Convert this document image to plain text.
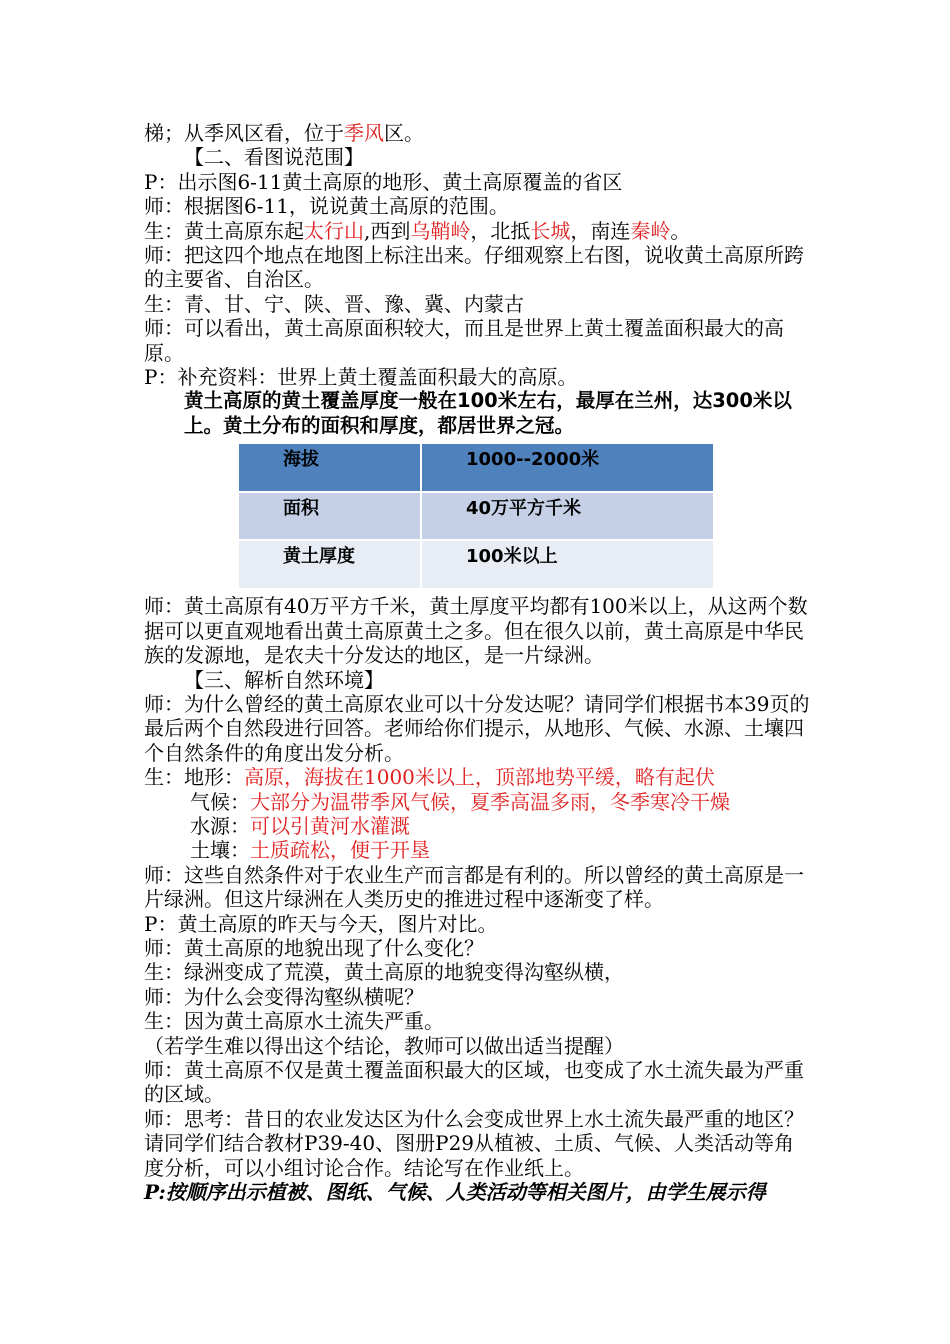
梯；从季风区看，位于季风区。

【二、看图说范围】

P：出示图6-11黄土高原的地形、黄土高原覆盖的省区

师：根据图6-11，说说黄土高原的范围。

生：黄土高原东起太行山,西到乌鞘岭，北抵长城，南连秦岭。

师：把这四个地点在地图上标注出来。仔细观察上右图，说收黄土高原所跨的主要省、自治区。

生：青、甘、宁、陕、晋、豫、冀、内蒙古

师：可以看出，黄土高原面积较大，而且是世界上黄土覆盖面积最大的高原。

P：补充资料：世界上黄土覆盖面积最大的高原。

黄土高原的黄土覆盖厚度一般在100米左右，最厚在兰州，达300米以上。黄土分布的面积和厚度，都居世界之冠。

海拔	1000--2000米
面积	40万平方千米
黄土厚度	100米以上

师：黄土高原有40万平方千米，黄土厚度平均都有100米以上，从这两个数据可以更直观地看出黄土高原黄土之多。但在很久以前，黄土高原是中华民族的发源地，是农夫十分发达的地区，是一片绿洲。

【三、解析自然环境】

师：为什么曾经的黄土高原农业可以十分发达呢？请同学们根据书本39页的最后两个自然段进行回答。老师给你们提示，从地形、气候、水源、土壤四个自然条件的角度出发分析。

生：地形：高原，海拔在1000米以上，顶部地势平缓，略有起伏

气候：大部分为温带季风气候，夏季高温多雨，冬季寒冷干燥

水源：可以引黄河水灌溉

土壤：土质疏松，便于开垦

师：这些自然条件对于农业生产而言都是有利的。所以曾经的黄土高原是一片绿洲。但这片绿洲在人类历史的推进过程中逐渐变了样。

P：黄土高原的昨天与今天，图片对比。

师：黄土高原的地貌出现了什么变化？

生：绿洲变成了荒漠，黄土高原的地貌变得沟壑纵横，

师：为什么会变得沟壑纵横呢？

生：因为黄土高原水土流失严重。

（若学生难以得出这个结论，教师可以做出适当提醒）

师：黄土高原不仅是黄土覆盖面积最大的区域，也变成了水土流失最为严重的区域。

师：思考：昔日的农业发达区为什么会变成世界上水土流失最严重的地区？请同学们结合教材P39-40、图册P29从植被、土质、气候、人类活动等角度分析，可以小组讨论合作。结论写在作业纸上。

P:按顺序出示植被、图纸、气候、人类活动等相关图片，由学生展示得
